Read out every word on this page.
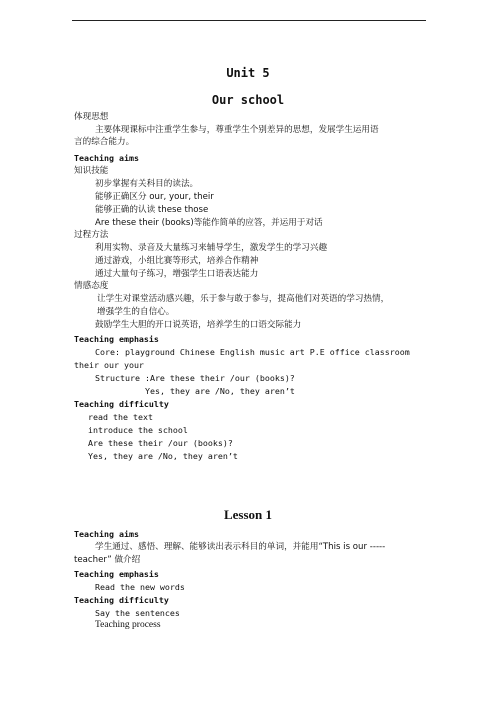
Unit 5
Our school
体现思想
主要体现课标中注重学生参与，尊重学生个别差异的思想，发展学生运用语
言的综合能力。
Teaching aims
知识技能
初步掌握有关科目的读法。
能够正确区分 our, your, their
能够正确的认读 these those
Are these their (books)等能作简单的应答，并运用于对话
过程方法
利用实物、录音及大量练习来辅导学生，激发学生的学习兴趣
通过游戏，小组比赛等形式，培养合作精神
通过大量句子练习，增强学生口语表达能力
情感态度
让学生对课堂活动感兴趣，乐于参与敢于参与，提高他们对英语的学习热情，
增强学生的自信心。
鼓励学生大胆的开口说英语，培养学生的口语交际能力
Teaching emphasis
Core: playground Chinese English music art P.E office classroom
their our your
Structure :Are these their /our (books)?
Yes, they are /No, they aren’t
Teaching difficulty
read the text
introduce the school
Are these their /our (books)?
Yes, they are /No, they aren’t
Lesson 1
Teaching aims
学生通过、感悟、理解、能够读出表示科目的单词，并能用“This is our -----
teacher” 做介绍
Teaching emphasis
Read the new words
Teaching difficulty
Say the sentences
Teaching process
